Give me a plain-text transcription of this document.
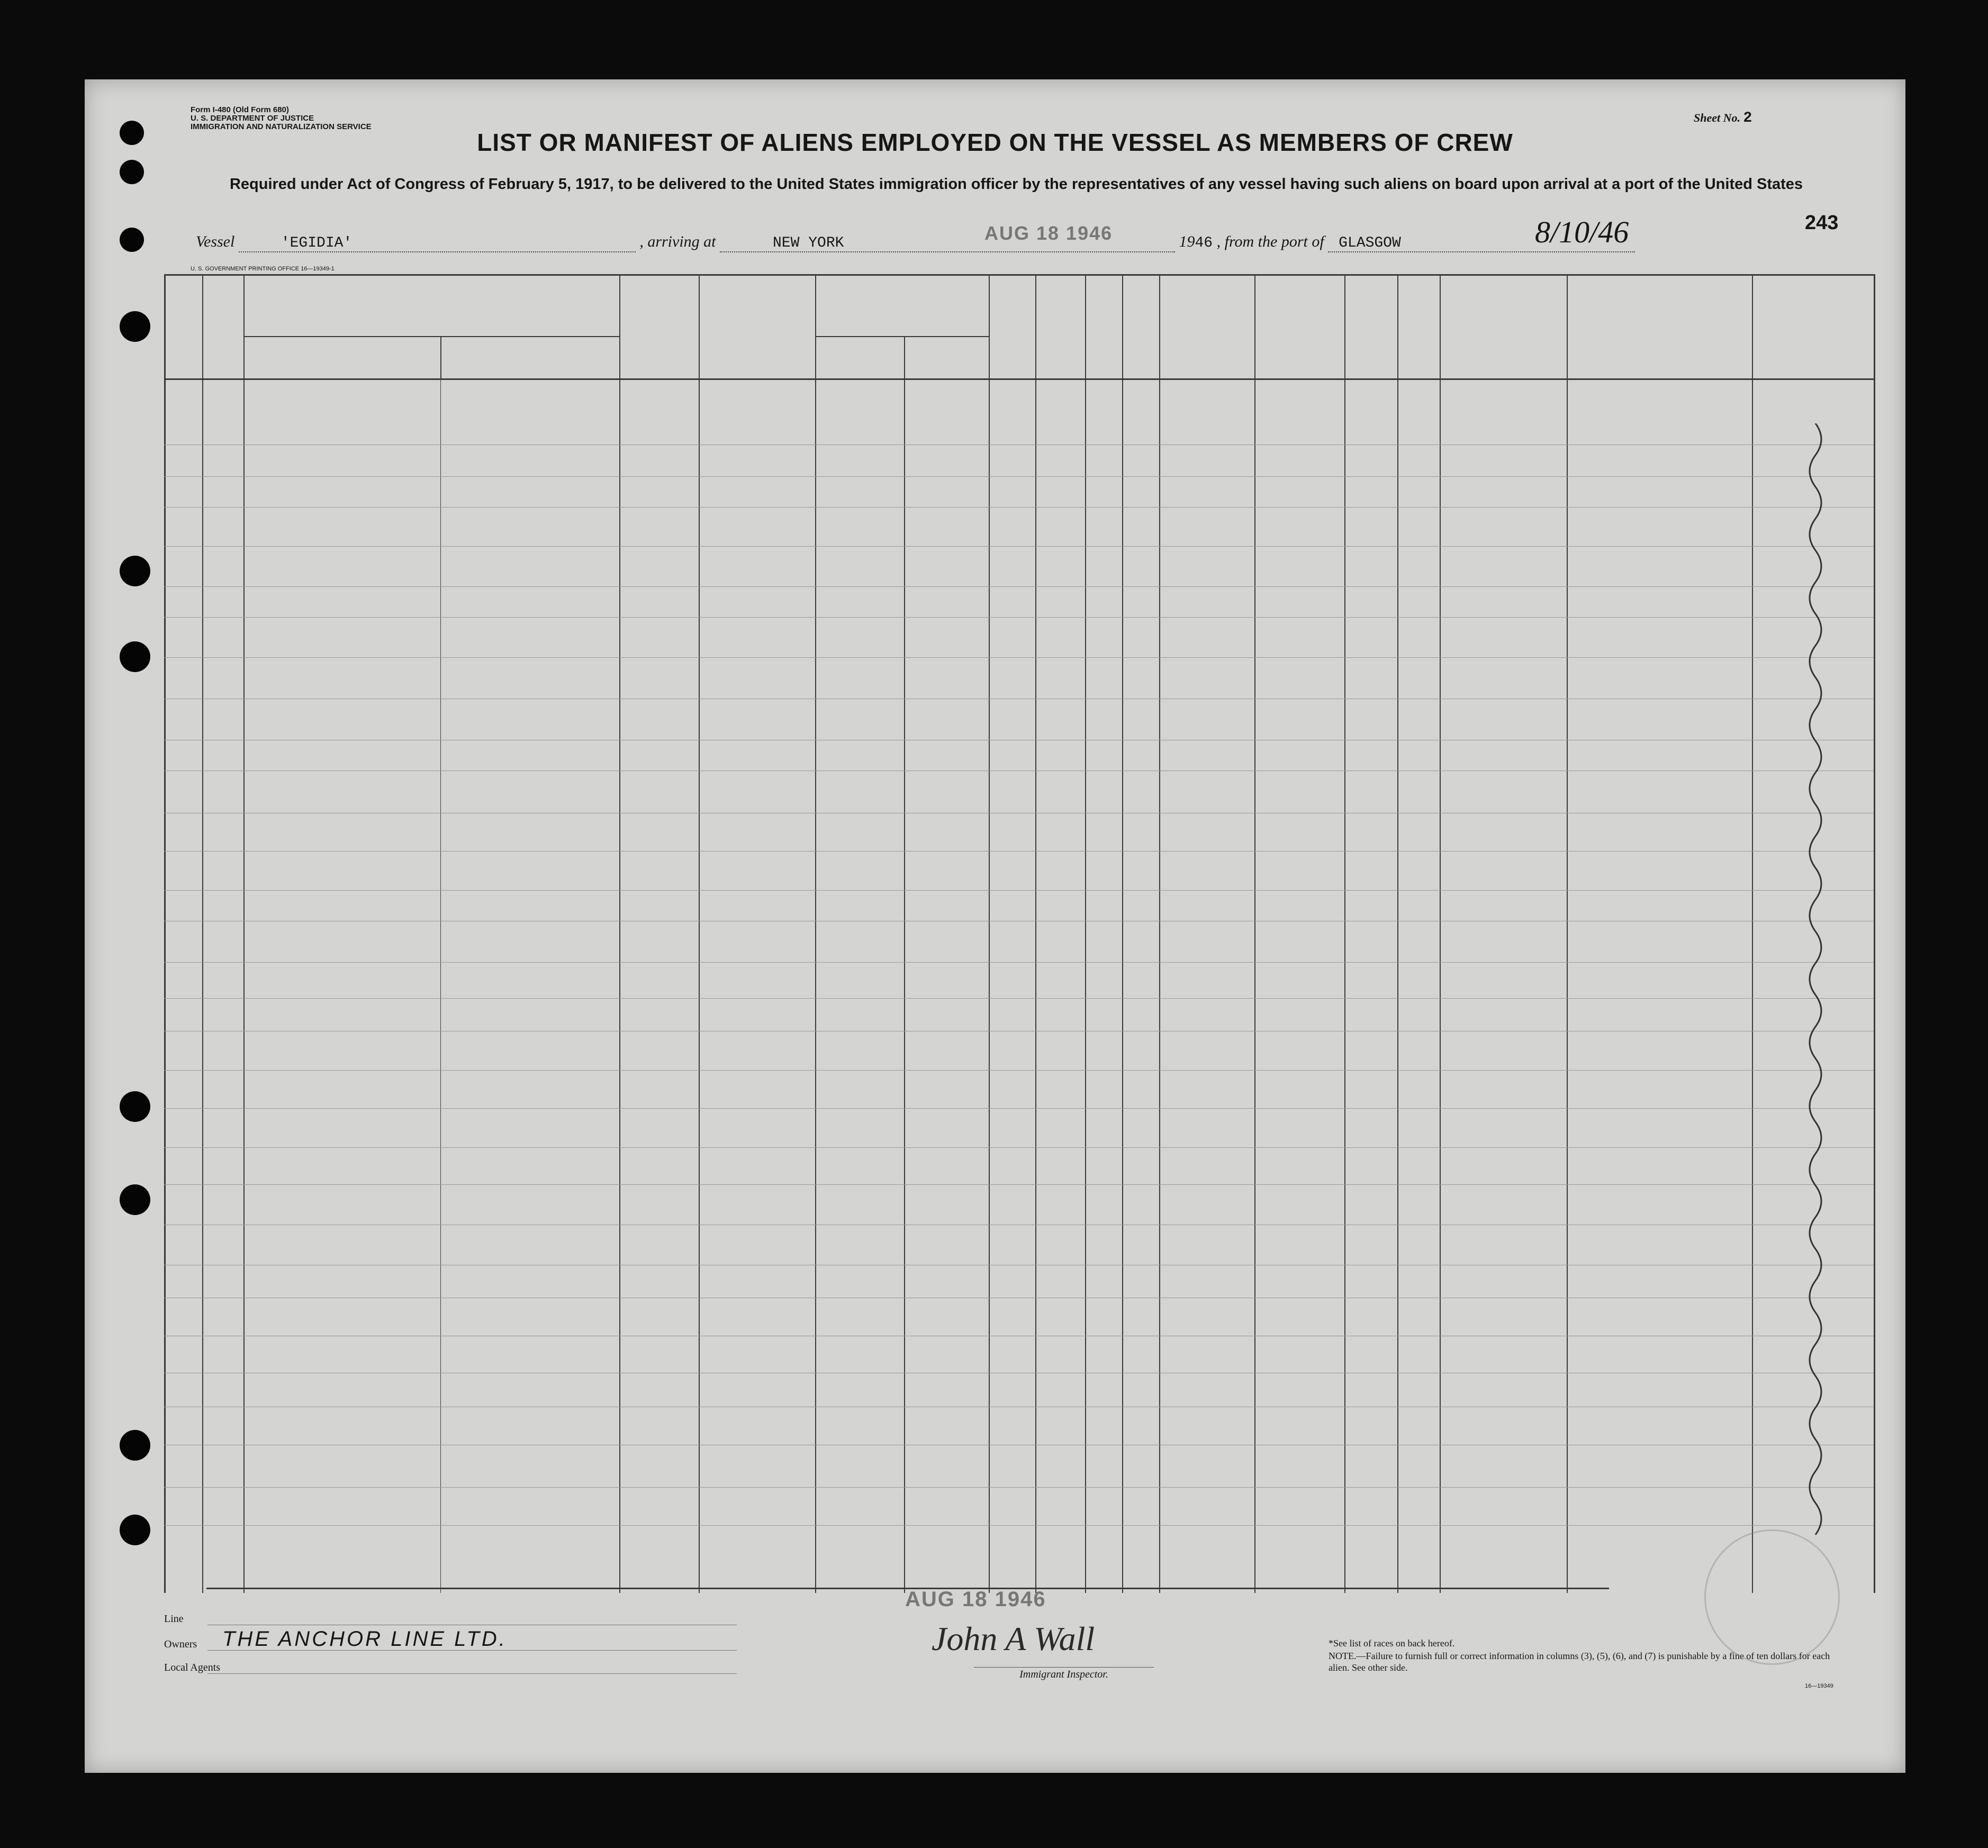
Form I-480 (Old Form 680)
U. S. DEPARTMENT OF JUSTICE
IMMIGRATION AND NATURALIZATION SERVICE
Sheet No. 2
LIST OR MANIFEST OF ALIENS EMPLOYED ON THE VESSEL AS MEMBERS OF CREW
Required under Act of Congress of February 5, 1917, to be delivered to the United States immigration officer by the representatives of any vessel having such aliens on board upon arrival at a port of the United States
243
Vessel	'EGIDIA'	, arriving at	NEW YORK	1946 , from the port of GLASGOW
AUG 18 1946	8/10/46
U. S. GOVERNMENT PRINTING OFFICE 16—19349-1
Line
Owners
Local Agents
THE ANCHOR LINE LTD.
AUG 18 1946
John A Wall
Immigrant Inspector.
*See list of races on back hereof.
NOTE.—Failure to furnish full or correct information in columns (3), (5), (6), and (7) is punishable by a fine of ten dollars for each alien. See other side.
16—19349
